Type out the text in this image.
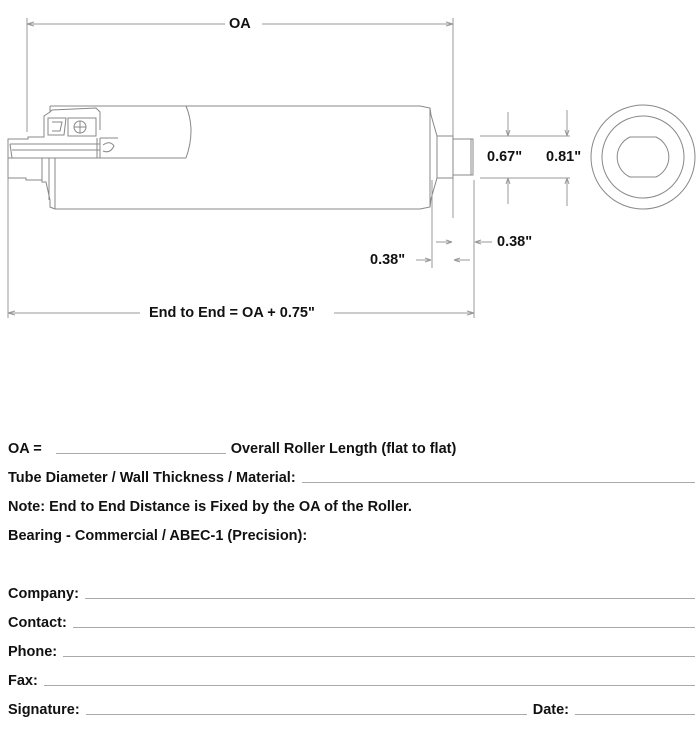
OA
0.67" 0.81"
0.38"
0.38"
End to End = OA + 0.75"
OA =	Overall Roller Length (flat to flat)
Tube Diameter / Wall Thickness / Material:
Note: End to End Distance is Fixed by the OA of the Roller.
Bearing - Commercial / ABEC-1 (Precision):
Company:
Contact:
Phone:
Fax:
Signature:	Date:
